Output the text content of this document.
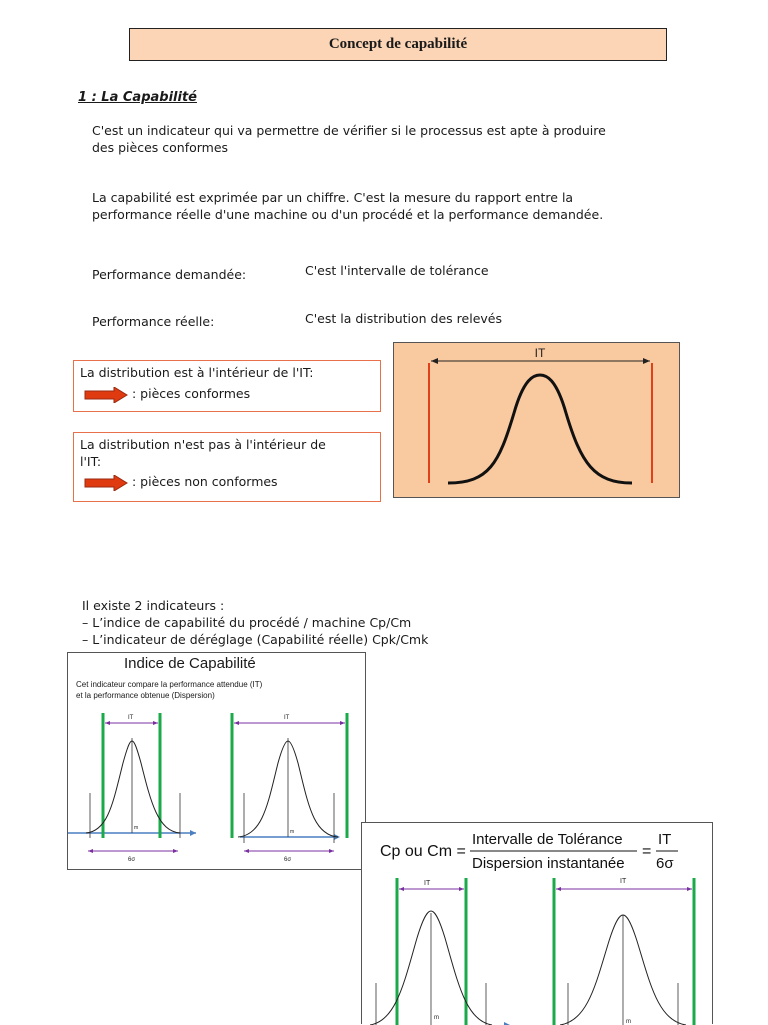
Concept de capabilité
1 : La Capabilité
C'est un indicateur qui va permettre de vérifier si le processus est apte à produire
des pièces conformes
La capabilité est exprimée par un chiffre. C'est la mesure du rapport entre la
performance réelle d'une machine ou d'un procédé et la performance demandée.
Performance demandée:	C'est l'intervalle de tolérance
Performance réelle:	C'est la distribution des relevés
La distribution est à l'intérieur de l'IT:
: pièces conformes
La distribution n'est pas à l'intérieur de
l'IT:
: pièces non conformes
IT
Il existe 2 indicateurs :
– L’indice de capabilité du procédé / machine Cp/Cm
– L’indicateur de déréglage (Capabilité réelle) Cpk/Cmk
Indice de Capabilité
Cet indicateur compare la performance attendue (IT)
et la performance obtenue (Dispersion)
IT
m
6σ
IT
m
6σ	Cp ou Cm =
Intervalle de Tolérance
Dispersion instantanée
=
IT
6σ
IT
m
IT
m
